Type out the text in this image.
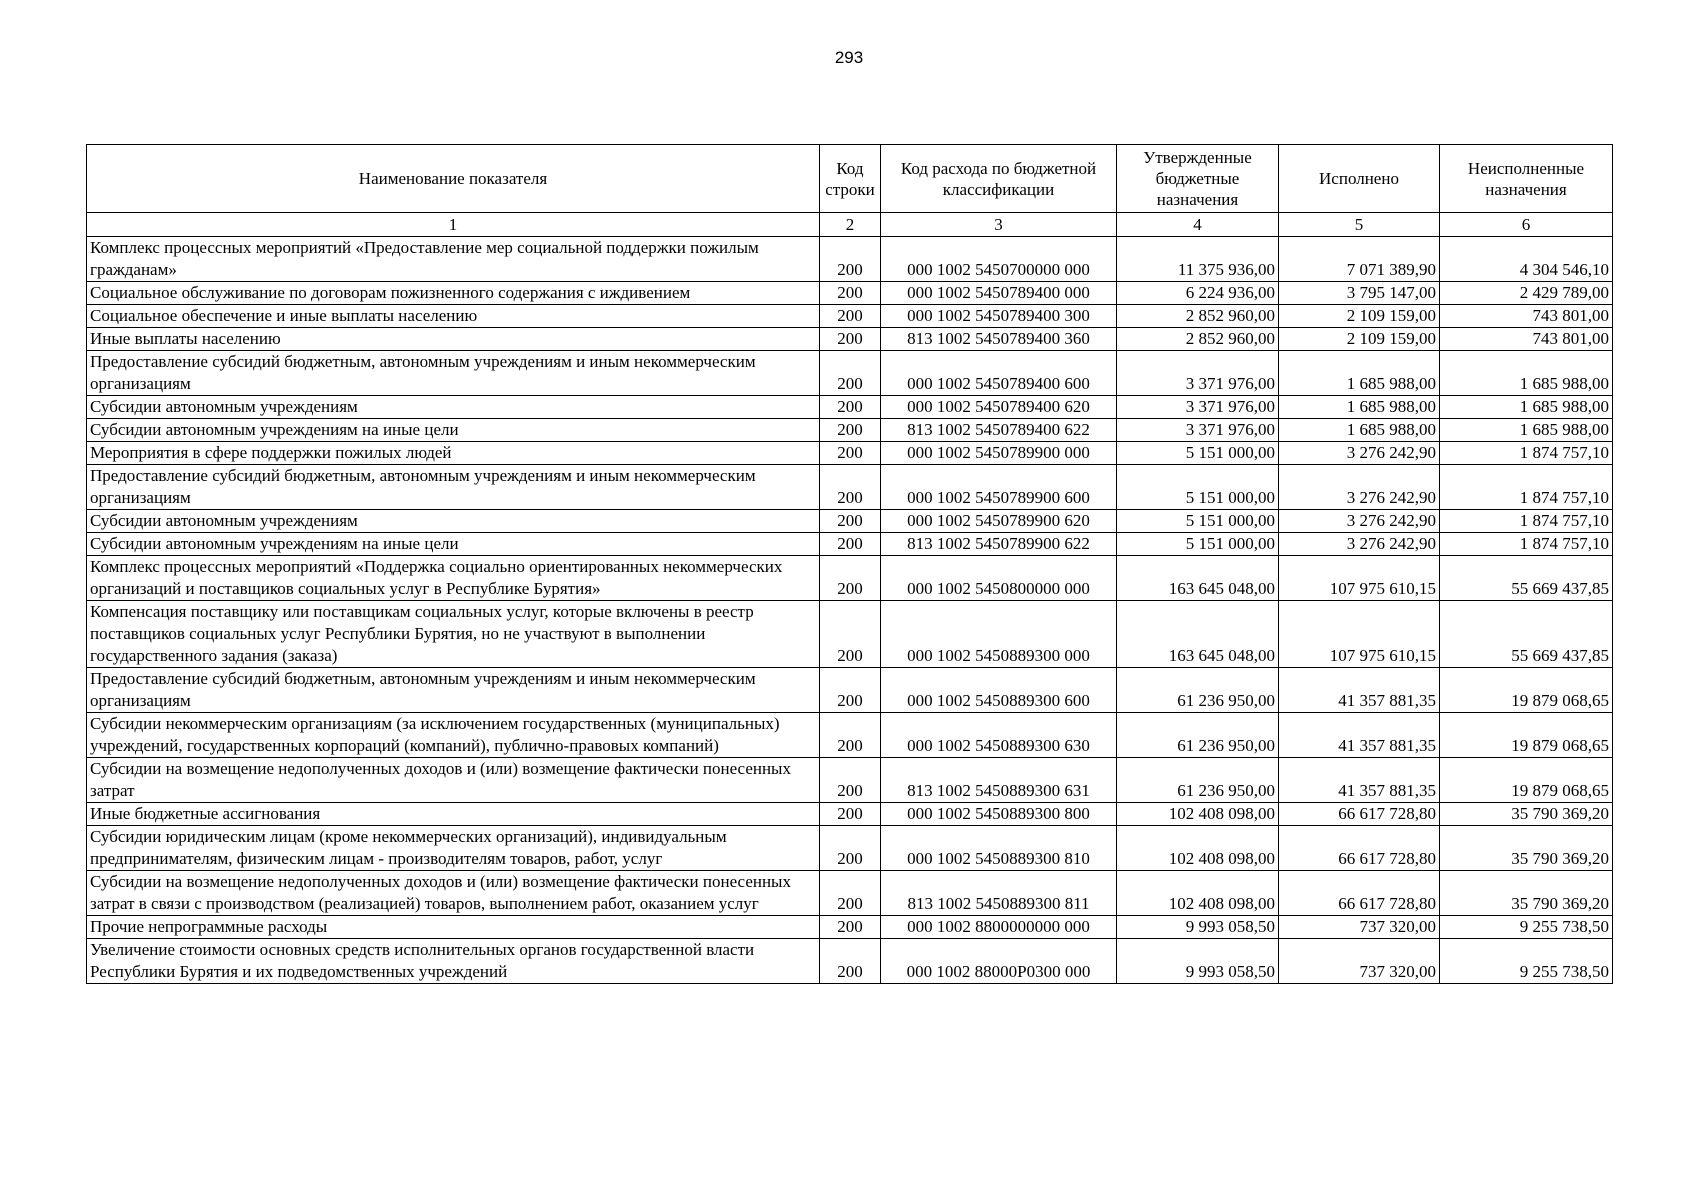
293
Наименование показателя	Код строки	Код расхода по бюджетной классификации	Утвержденные бюджетные назначения	Исполнено	Неисполненные назначения
1	2	3	4	5	6
Комплекс процессных мероприятий «Предоставление мер социальной поддержки пожилым гражданам»	200	000 1002 5450700000 000	11 375 936,00	7 071 389,90	4 304 546,10
Социальное обслуживание по договорам пожизненного содержания с иждивением	200	000 1002 5450789400 000	6 224 936,00	3 795 147,00	2 429 789,00
Социальное обеспечение и иные выплаты населению	200	000 1002 5450789400 300	2 852 960,00	2 109 159,00	743 801,00
Иные выплаты населению	200	813 1002 5450789400 360	2 852 960,00	2 109 159,00	743 801,00
Предоставление субсидий бюджетным, автономным учреждениям и иным некоммерческим организациям	200	000 1002 5450789400 600	3 371 976,00	1 685 988,00	1 685 988,00
Субсидии автономным учреждениям	200	000 1002 5450789400 620	3 371 976,00	1 685 988,00	1 685 988,00
Субсидии автономным учреждениям на иные цели	200	813 1002 5450789400 622	3 371 976,00	1 685 988,00	1 685 988,00
Мероприятия в сфере поддержки пожилых людей	200	000 1002 5450789900 000	5 151 000,00	3 276 242,90	1 874 757,10
Предоставление субсидий бюджетным, автономным учреждениям и иным некоммерческим организациям	200	000 1002 5450789900 600	5 151 000,00	3 276 242,90	1 874 757,10
Субсидии автономным учреждениям	200	000 1002 5450789900 620	5 151 000,00	3 276 242,90	1 874 757,10
Субсидии автономным учреждениям на иные цели	200	813 1002 5450789900 622	5 151 000,00	3 276 242,90	1 874 757,10
Комплекс процессных мероприятий «Поддержка социально ориентированных некоммерческих организаций и поставщиков социальных услуг в Республике Бурятия»	200	000 1002 5450800000 000	163 645 048,00	107 975 610,15	55 669 437,85
Компенсация поставщику или поставщикам социальных услуг, которые включены в реестр поставщиков социальных услуг Республики Бурятия, но не участвуют в выполнении государственного задания (заказа)	200	000 1002 5450889300 000	163 645 048,00	107 975 610,15	55 669 437,85
Предоставление субсидий бюджетным, автономным учреждениям и иным некоммерческим организациям	200	000 1002 5450889300 600	61 236 950,00	41 357 881,35	19 879 068,65
Субсидии некоммерческим организациям (за исключением государственных (муниципальных) учреждений, государственных корпораций (компаний), публично-правовых компаний)	200	000 1002 5450889300 630	61 236 950,00	41 357 881,35	19 879 068,65
Субсидии на возмещение недополученных доходов и (или) возмещение фактически понесенных затрат	200	813 1002 5450889300 631	61 236 950,00	41 357 881,35	19 879 068,65
Иные бюджетные ассигнования	200	000 1002 5450889300 800	102 408 098,00	66 617 728,80	35 790 369,20
Субсидии юридическим лицам (кроме некоммерческих организаций), индивидуальным предпринимателям, физическим лицам - производителям товаров, работ, услуг	200	000 1002 5450889300 810	102 408 098,00	66 617 728,80	35 790 369,20
Субсидии на возмещение недополученных доходов и (или) возмещение фактически понесенных затрат в связи с производством (реализацией) товаров, выполнением работ, оказанием услуг	200	813 1002 5450889300 811	102 408 098,00	66 617 728,80	35 790 369,20
Прочие непрограммные расходы	200	000 1002 8800000000 000	9 993 058,50	737 320,00	9 255 738,50
Увеличение стоимости основных средств исполнительных органов государственной власти Республики Бурятия и их подведомственных учреждений	200	000 1002 88000P0300 000	9 993 058,50	737 320,00	9 255 738,50
